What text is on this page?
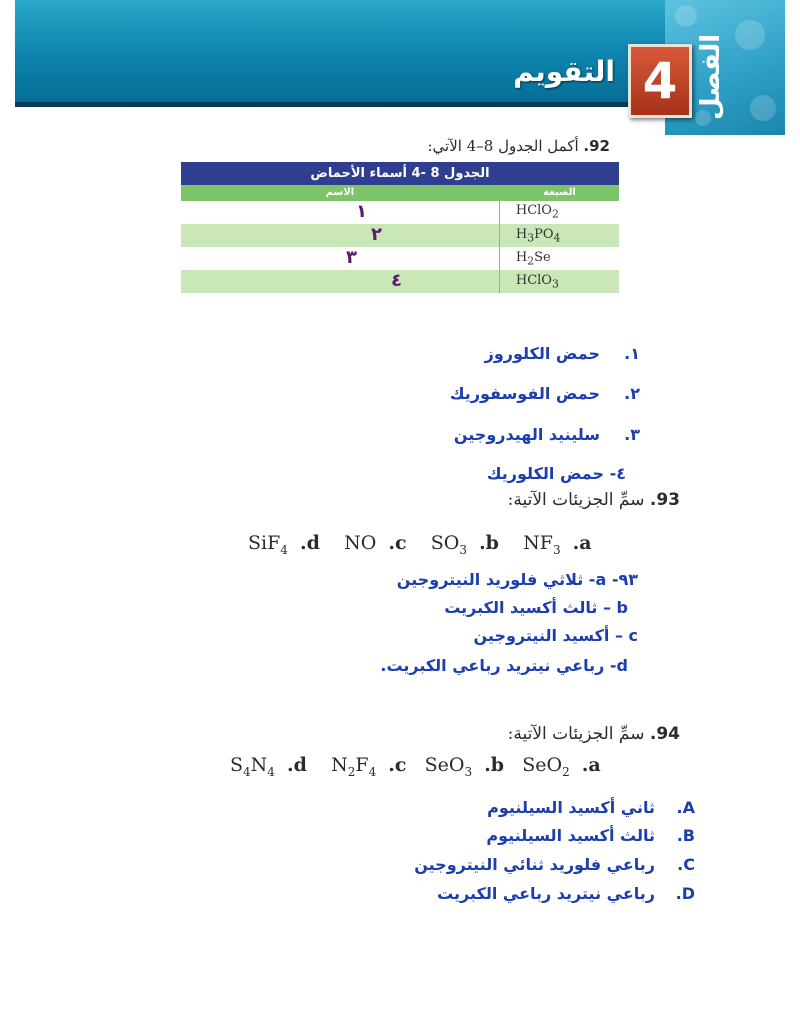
الفصل
4
التقويم
92. أكمل الجدول 8–4 الآتي:
الجدول 8 -4 أسماء الأحماض	
الاسم	الصيغة

١	HClO$_2$

٢	$H_3PO_4$

٣	$H_2Se$

٤	HClO$_3$
١.حمض الكلوروز
٢.حمض الفوسفوريك
٣.سلينيد الهيدروجين
٤- حمض الكلوريك
93. سمِّ الجزيئات الآتية:
SiF$_4$ .d    NO  .c    $SO_3$ .b    $NF_3$ .a
٩٣- a- ثلاثي فلوريد النيتروجين
b – ثالث أكسيد الكبريت
c – أكسيد النيتروجين
d- رباعي نيتريد رباعي الكبريت.
94. سمِّ الجزيئات الآتية:
$S_4N_4$ .d    $N_2F_4$ .c   SeO$_3$ .b   SeO$_2$ .a
A.ثاني أكسيد السيلنيوم
B.ثالث أكسيد السيلنيوم
C.رباعي فلوريد ثنائي النيتروجين
D.رباعي نيتريد رباعي الكبريت
